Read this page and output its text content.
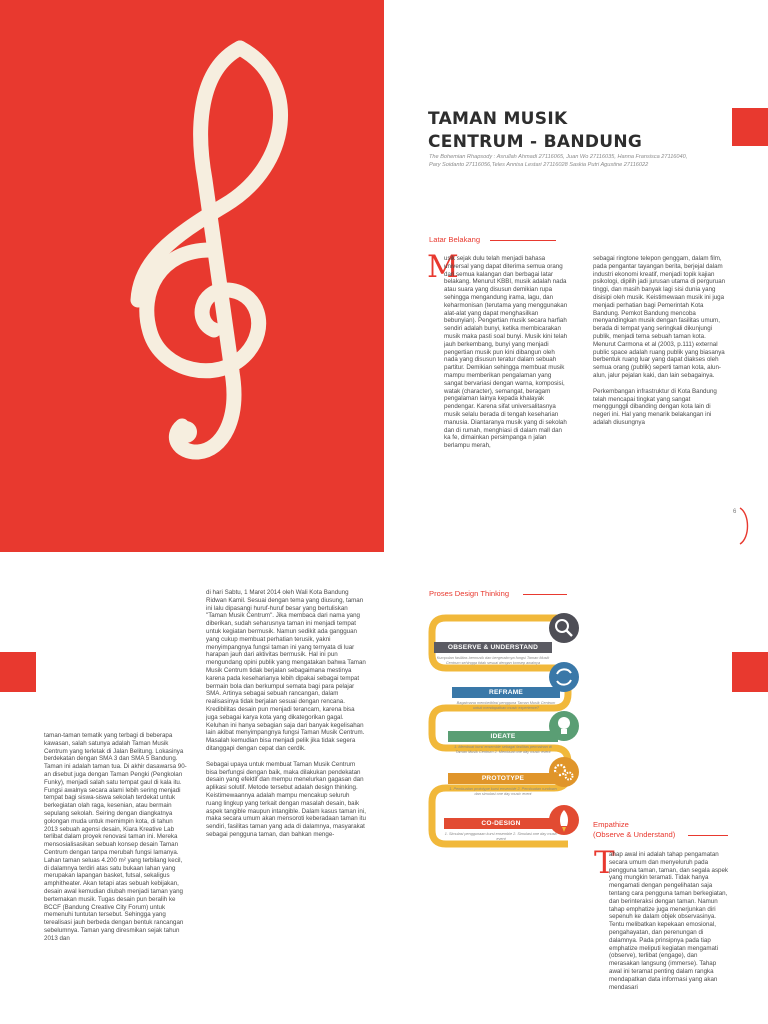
6
TAMAN MUSIK
CENTRUM - BANDUNG
The Bohemian Rhapsody : Asrullah Ahmadi 27116065, Juan Wo 27116035, Hanna Fransisca 27116040, Pary Soidanto 27116056,Teles Annisa Lestari 27116028 Saskia Putri Agustine 27116022
Latar Belakang
M

usik sejak dulu telah menjadi bahasa universal yang dapat diterima semua orang dari semua kalangan dan berbagai latar belakang. Menurut KBBI, musik adalah nada atau suara yang disusun demikian rupa sehingga mengandung irama, lagu, dan keharmonisan (terutama yang menggunakan alat-alat yang dapat menghasilkan bebunyian). Pengertian musik secara harfiah sendiri adalah bunyi, ketika membicarakan musik maka pasti soal bunyi. Musik kini telah jauh berkembang, bunyi yang menjadi pengertian musik pun kini dibangun oleh nada yang disusun teratur dalam sebuah partitur. Demikian sehingga membuat musik mampu memberikan pengalaman yang sangat bervariasi dengan warna, komposisi, watak (character), semangat, beragam pengalaman lainya kepada khalayak pendengar. Karena sifat universalitasnya musik selalu berada di tengah keseharian manusia. Diantaranya musik yang di sekolah dan di rumah, menghiasi di dalam mall dan ka fe, dimainkan persimpanga n jalan berlampu merah,

sebagai ringtone telepon genggam, dalam film, pada pengantar tayangan berita, berjejal dalam industri ekonomi kreatif, menjadi topik kajian psikologi, dipilih jadi jurusan utama di perguruan tinggi, dan masih banyak lagi sisi dunia yang disisipi oleh musik. Keistimewaan musik ini juga menjadi perhatian bagi Pemerintah Kota Bandung. Pemkot Bandung mencoba menyandingkan musik dengan fasilitas umum, berada di tempat yang seringkali dikunjungi publik, menjadi tema sebuah taman kota. Menurut Carmona et al (2003, p.111) external public space adalah ruang publik yang biasanya berbentuk ruang luar yang dapat diakses oleh semua orang (publik) seperti taman kota, alun-alun, jalur pejalan kaki, dan lain sebagainya.

Perkembangan infrastruktur di Kota Bandung telah mencapai tingkat yang sangat menggunggli dibanding dengan kota lain di negeri ini. Hal yang menarik belakangan ini adalah diusungnya

taman-taman tematik yang terbagi di beberapa kawasan, salah satunya adalah Taman Musik Centrum yang terletak di Jalan Belitung. Lokasinya berdekatan dengan SMA 3 dan SMA 5 Bandung. Taman ini adalah taman tua. Di akhir dasawarsa 90-an disebut juga dengan Taman Pengki (Pengkolan Funky), menjadi salah satu tempat gaul di kala itu. Fungsi awalnya secara alami lebih sering menjadi tempat bagi siswa-siswa sekolah terdekat untuk berkegiatan olah raga, kesenian, atau bermain sepulang sekolah. Seiring dengan diangkatnya golongan muda untuk memimpin kota, di tahun 2013 sebuah agensi desain, Kiara Kreative Lab terlibat dalam proyek renovasi taman ini. Mereka mensosialisasikan sebuah konsep desain Taman Centrum dengan tanpa merubah fungsi lamanya. Lahan taman seluas 4.200 m² yang terbilang kecil, di dalamnya terdiri atas satu bukaan lahan yang merupakan lapangan basket, futsal, sekaligus amphitheater. Akan tetapi atas sebuah kebijakan, desain awal kemudian diubah menjadi taman yang bertemakan musik. Tugas desain pun beralih ke BCCF (Bandung Creative City Forum) untuk memenuhi tuntutan tersebut. Sehingga yang terealisasi jauh berbeda dengan bentuk rancangan sebelumnya. Taman yang diresmikan sejak tahun 2013 dan

di hari Sabtu, 1 Maret 2014 oleh Wali Kota Bandung Ridwan Kamil. Sesuai dengan tema yang diusung, taman ini lalu dipasangi huruf-huruf besar yang bertuliskan "Taman Musik Centrum". Jika membaca dari nama yang diberikan, sudah seharusnya taman ini menjadi tempat untuk kegiatan bermusik. Namun sedikit ada gangguan yang cukup membuat perhatian terusik, yakni menyimpangnya fungsi taman ini yang ternyata di luar harapan jauh dari aktivitas bermusik. Hal ini pun mengundang opini publik yang mengatakan bahwa Taman Musik Centrum tidak berjalan sebagaimana mestinya karena pada keseharianya lebih dipakai sebagai tempat bermain bola dan berkumpul semata bagi para pelajar SMA. Artinya sebagai sebuah rancangan, dalam realisasinya tidak berjalan sesuai dengan rencana. Kredibilitas desain pun menjadi terancam, karena bisa juga sebagai karya kota yang dikategorikan gagal. Keluhan ini hanya sebagian saja dari banyak kegelisahan lain akibat menyimpangnya fungsi Taman Musik Centrum. Masalah kemudian bisa menjadi pelik jika tidak segera ditanggapi dengan cepat dan cerdik.

Sebagai upaya untuk membuat Taman Musik Centrum bisa berfungsi dengan baik, maka dilakukan pendekatan desain yang efektif dan mempu menelurkan gagasan dan aplikasi solutif. Metode tersebut adalah design thinking. Keistimewaannya adalah mampu mencakup seluruh ruang lingkup yang terkait dengan masalah desain, baik aspek tangible maupun intangible. Dalam kasus taman ini, maka secara umum akan mensoroti keberadaan taman itu sendiri, fasilitas taman yang ada di dalamnya, masyarakat sebagai pengguna taman, dan bahkan menge-

Proses Design Thinking
OBSERVE & UNDERSTAND
Kumpulan fasilitas bermusik dan bergerakmya fungsi Taman Musik Centrum sehingga tidak sesuai dengan konsep awalnya
REFRAME
Bagaimana membeikfasi pengguna Taman Musik Centrum untuk mendapatkan music experience?
IDEATE
1. Membuat kursi ensemble sebagai fasilitas permainan di Taman Musik Centrum 2. Membuat one day music event
PROTOTYPE
1. Pembuatan prototype kursi ensemble 2. Pembuatan rundown dan simulasi one day music event
CO-DESIGN
1. Simulasi penggunaan kursi ensemble 2. Simulasi one day music event
Empathize
(Observe & Understand)
T

ahap awal ini adalah tahap pengamatan secara umum dan menyeluruh pada pengguna taman, taman, dan segala aspek yang mungkin teramati. Tidak hanya mengamati dengan pengelihatan saja tentang cara pengguna taman berkegiatan, dan berinteraksi dengan taman. Namun tahap emphatize juga menerjunkan diri sepenuh ke dalam objek observasinya. Tentu melibatkan kepekaan emosional, pengahayatan, dan perenungan di dalamnya. Pada prinsipnya pada tiap emphatize meliputi kegiatan mengamati (observe), terlibat (engage), dan merasakan langsung (immerse). Tahap awal ini teramat penting dalam rangka mendapatkan data informasi yang akan mendasari
